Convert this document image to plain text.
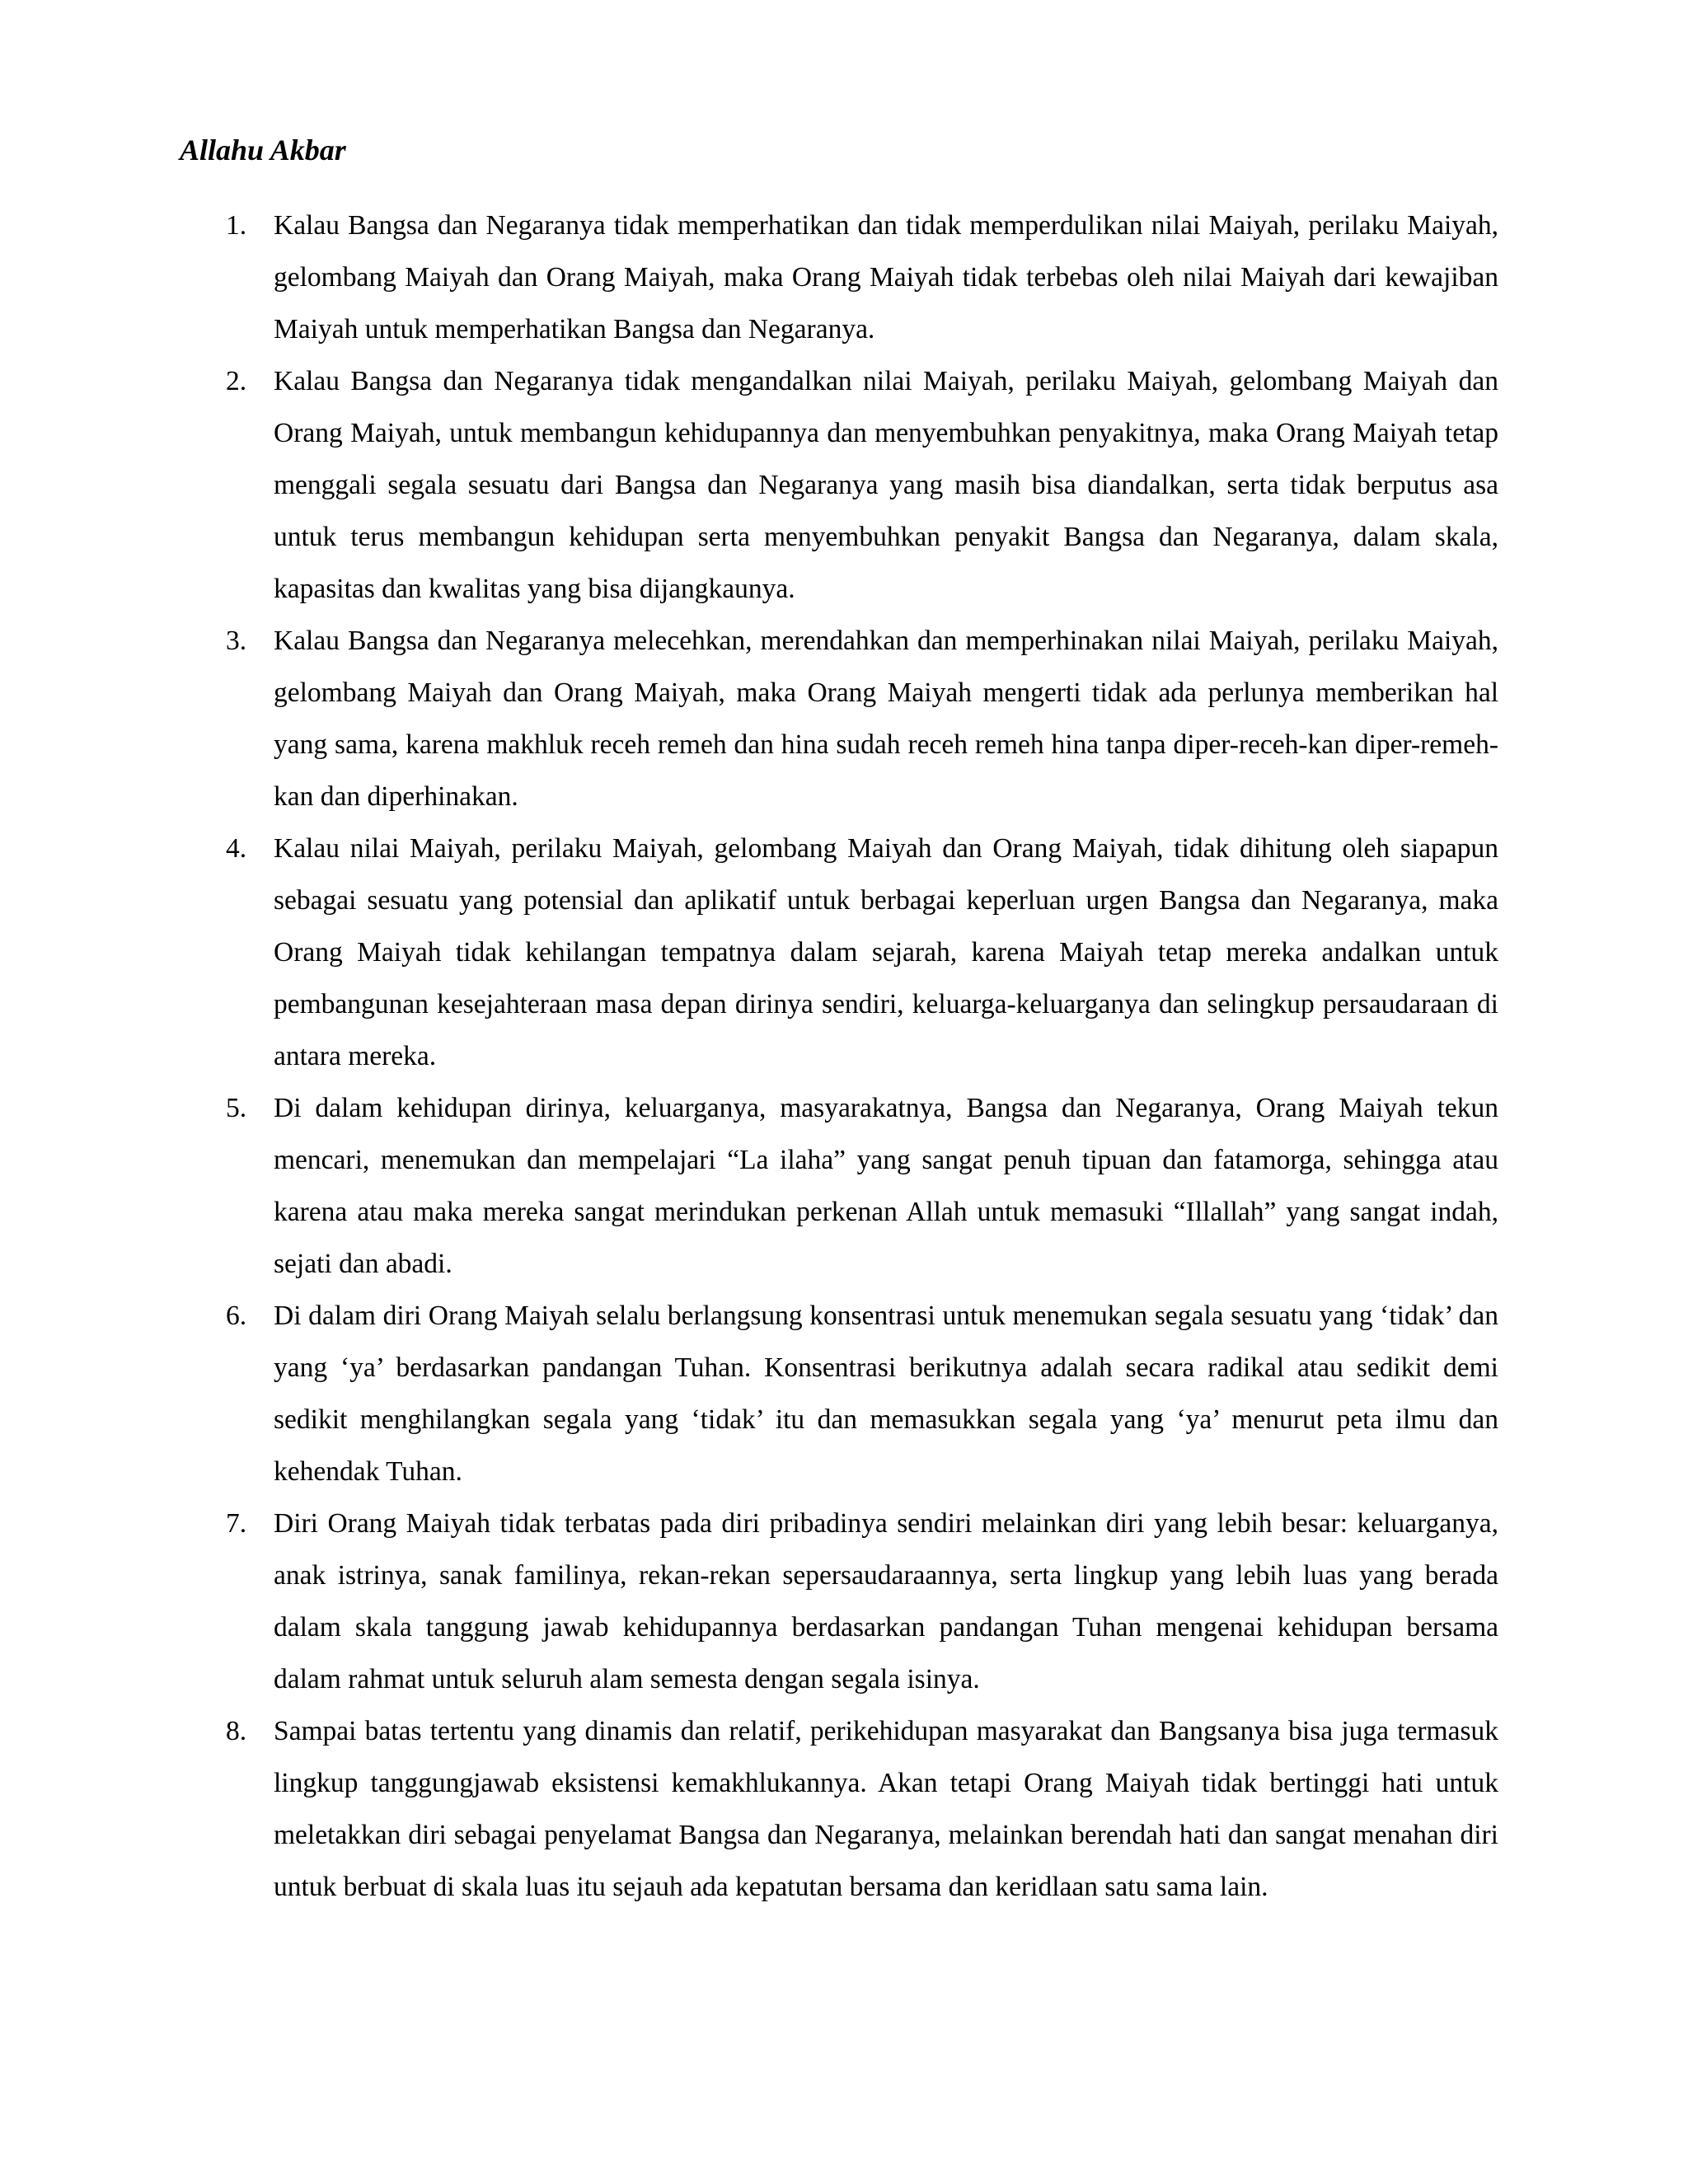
Allahu Akbar
1. Kalau Bangsa dan Negaranya tidak memperhatikan dan tidak memperdulikan nilai Maiyah, perilaku Maiyah, gelombang Maiyah dan Orang Maiyah, maka Orang Maiyah tidak terbebas oleh nilai Maiyah dari kewajiban Maiyah untuk memperhatikan Bangsa dan Negaranya.
2. Kalau Bangsa dan Negaranya tidak mengandalkan nilai Maiyah, perilaku Maiyah, gelombang Maiyah dan Orang Maiyah, untuk membangun kehidupannya dan menyembuhkan penyakitnya, maka Orang Maiyah tetap menggali segala sesuatu dari Bangsa dan Negaranya yang masih bisa diandalkan, serta tidak berputus asa untuk terus membangun kehidupan serta menyembuhkan penyakit Bangsa dan Negaranya, dalam skala, kapasitas dan kwalitas yang bisa dijangkaunya.
3. Kalau Bangsa dan Negaranya melecehkan, merendahkan dan memperhinakan nilai Maiyah, perilaku Maiyah, gelombang Maiyah dan Orang Maiyah, maka Orang Maiyah mengerti tidak ada perlunya memberikan hal yang sama, karena makhluk receh remeh dan hina sudah receh remeh hina tanpa diper-receh-kan diper-remeh-kan dan diperhinakan.
4. Kalau nilai Maiyah, perilaku Maiyah, gelombang Maiyah dan Orang Maiyah, tidak dihitung oleh siapapun sebagai sesuatu yang potensial dan aplikatif untuk berbagai keperluan urgen Bangsa dan Negaranya, maka Orang Maiyah tidak kehilangan tempatnya dalam sejarah, karena Maiyah tetap mereka andalkan untuk pembangunan kesejahteraan masa depan dirinya sendiri, keluarga-keluarganya dan selingkup persaudaraan di antara mereka.
5. Di dalam kehidupan dirinya, keluarganya, masyarakatnya, Bangsa dan Negaranya, Orang Maiyah tekun mencari, menemukan dan mempelajari “La ilaha” yang sangat penuh tipuan dan fatamorga, sehingga atau karena atau maka mereka sangat merindukan perkenan Allah untuk memasuki “Illallah” yang sangat indah, sejati dan abadi.
6. Di dalam diri Orang Maiyah selalu berlangsung konsentrasi untuk menemukan segala sesuatu yang ‘tidak’ dan yang ‘ya’ berdasarkan pandangan Tuhan. Konsentrasi berikutnya adalah secara radikal atau sedikit demi sedikit menghilangkan segala yang ‘tidak’ itu dan memasukkan segala yang ‘ya’ menurut peta ilmu dan kehendak Tuhan.
7. Diri Orang Maiyah tidak terbatas pada diri pribadinya sendiri melainkan diri yang lebih besar: keluarganya, anak istrinya, sanak familinya, rekan-rekan sepersaudaraannya, serta lingkup yang lebih luas yang berada dalam skala tanggung jawab kehidupannya berdasarkan pandangan Tuhan mengenai kehidupan bersama dalam rahmat untuk seluruh alam semesta dengan segala isinya.
8. Sampai batas tertentu yang dinamis dan relatif, perikehidupan masyarakat dan Bangsanya bisa juga termasuk lingkup tanggungjawab eksistensi kemakhlukannya. Akan tetapi Orang Maiyah tidak bertinggi hati untuk meletakkan diri sebagai penyelamat Bangsa dan Negaranya, melainkan berendah hati dan sangat menahan diri untuk berbuat di skala luas itu sejauh ada kepatutan bersama dan keridlaan satu sama lain.
